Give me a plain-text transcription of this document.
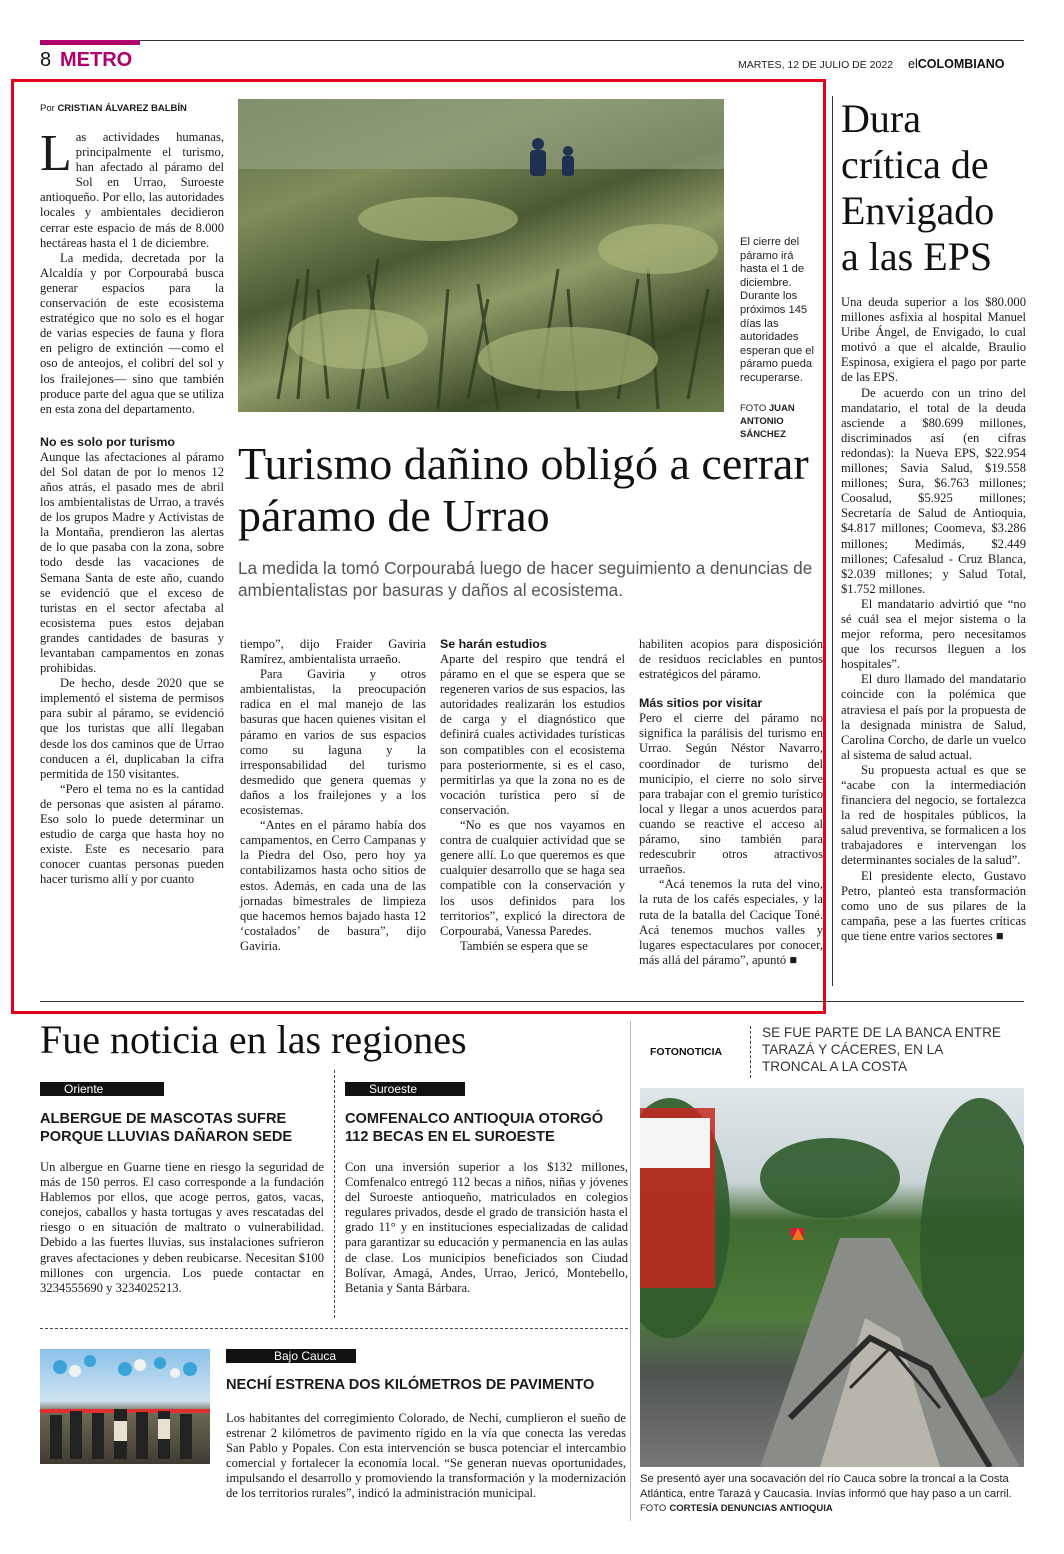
8 METRO	MARTES, 12 DE JULIO DE 2022 elCOLOMBIANO
Por CRISTIAN ÁLVAREZ BALBÍN

Las actividades humanas, principalmente el turismo, han afectado al páramo del Sol en Urrao, Suroeste antioqueño. Por ello, las autoridades locales y ambientales decidieron cerrar este espacio de más de 8.000 hectáreas hasta el 1 de diciembre.

La medida, decretada por la Alcaldía y por Corpourabá busca generar espacios para la conservación de este ecosistema estratégico que no solo es el hogar de varias especies de fauna y flora en peligro de extinción —como el oso de anteojos, el colibrí del sol y los frailejones— sino que también produce parte del agua que se utiliza en esta zona del departamento.

No es solo por turismo

Aunque las afectaciones al páramo del Sol datan de por lo menos 12 años atrás, el pasado mes de abril los ambientalistas de Urrao, a través de los grupos Madre y Activistas de la Montaña, prendieron las alertas de lo que pasaba con la zona, sobre todo desde las vacaciones de Semana Santa de este año, cuando se evidenció que el exceso de turistas en el sector afectaba al ecosistema pues estos dejaban grandes cantidades de basuras y levantaban campamentos en zonas prohibidas.

De hecho, desde 2020 que se implementó el sistema de permisos para subir al páramo, se evidenció que los turistas que allí llegaban desde los dos caminos que de Urrao conducen a él, duplicaban la cifra permitida de 150 visitantes.

“Pero el tema no es la cantidad de personas que asisten al páramo. Eso solo lo puede determinar un estudio de carga que hasta hoy no existe. Este es necesario para conocer cuantas personas pueden hacer turismo allí y por cuanto

El cierre del páramo irá hasta el 1 de diciembre. Durante los próximos 145 días las autoridades esperan que el páramo pueda recuperarse.
FOTO JUAN ANTONIO SÁNCHEZ
Turismo dañino obligó a cerrar páramo de Urrao
La medida la tomó Corpourabá luego de hacer seguimiento a denuncias de ambientalistas por basuras y daños al ecosistema.

tiempo”, dijo Fraider Gaviria Ramírez, ambientalista urraeño.

Para Gaviria y otros ambientalistas, la preocupación radica en el mal manejo de las basuras que hacen quienes visitan el páramo en varios de sus espacios como su laguna y la irresponsabilidad del turismo desmedido que genera quemas y daños a los frailejones y a los ecosistemas.

“Antes en el páramo había dos campamentos, en Cerro Campanas y la Piedra del Oso, pero hoy ya contabilizamos hasta ocho sitios de estos. Además, en cada una de las jornadas bimestrales de limpieza que hacemos hemos bajado hasta 12 ‘costalados’ de basura”, dijo Gaviria.

Se harán estudios

Aparte del respiro que tendrá el páramo en el que se espera que se regeneren varios de sus espacios, las autoridades realizarán los estudios de carga y el diagnóstico que definirá cuales actividades turísticas son compatibles con el ecosistema para posteriormente, si es el caso, permitirlas ya que la zona no es de vocación turística pero sí de conservación.

“No es que nos vayamos en contra de cualquier actividad que se genere allí. Lo que queremos es que cualquier desarrollo que se haga sea compatible con la conservación y los usos definidos para los territorios”, explicó la directora de Corpourabá, Vanessa Paredes.

También se espera que se

habiliten acopios para disposición de residuos reciclables en puntos estratégicos del páramo.

Más sitios por visitar

Pero el cierre del páramo no significa la parálisis del turismo en Urrao. Según Néstor Navarro, coordinador de turismo del municipio, el cierre no solo sirve para trabajar con el gremio turístico local y llegar a unos acuerdos para cuando se reactive el acceso al páramo, sino también para redescubrir otros atractivos urraeños.

“Acá tenemos la ruta del vino, la ruta de los cafés especiales, y la ruta de la batalla del Cacique Toné. Acá tenemos muchos valles y lugares espectaculares por conocer, más allá del páramo”, apuntó ■

Dura crítica de Envigado a las EPS

Una deuda superior a los $80.000 millones asfixia al hospital Manuel Uribe Ángel, de Envigado, lo cual motivó a que el alcalde, Braulio Espinosa, exigiera el pago por parte de las EPS.

De acuerdo con un trino del mandatario, el total de la deuda asciende a $80.699 millones, discriminados así (en cifras redondas): la Nueva EPS, $22.954 millones; Savia Salud, $19.558 millones; Sura, $6.763 millones; Coosalud, $5.925 millones; Secretaría de Salud de Antioquia, $4.817 millones; Coomeva, $3.286 millones; Medimás, $2.449 millones; Cafesalud - Cruz Blanca, $2.039 millones; y Salud Total, $1.752 millones.

El mandatario advirtió que “no sé cuál sea el mejor sistema o la mejor reforma, pero necesitamos que los recursos lleguen a los hospitales”.

El duro llamado del mandatario coincide con la polémica que atraviesa el país por la propuesta de la designada ministra de Salud, Carolina Corcho, de darle un vuelco al sistema de salud actual.

Su propuesta actual es que se “acabe con la intermediación financiera del negocio, se fortalezca la red de hospitales públicos, la salud preventiva, se formalicen a los trabajadores e intervengan los determinantes sociales de la salud”.

El presidente electo, Gustavo Petro, planteó esta transformación como uno de sus pilares de la campaña, pese a las fuertes críticas que tiene entre varios sectores ■

Fue noticia en las regiones
Oriente
ALBERGUE DE MASCOTAS SUFRE PORQUE LLUVIAS DAÑARON SEDE

Un albergue en Guarne tiene en riesgo la seguridad de más de 150 perros. El caso corresponde a la fundación Hablemos por ellos, que acoge perros, gatos, vacas, conejos, caballos y hasta tortugas y aves rescatadas del riesgo o en situación de maltrato o vulnerabilidad. Debido a las fuertes lluvias, sus instalaciones sufrieron graves afectaciones y deben reubicarse. Necesitan $100 millones con urgencia. Los puede contactar en 3234555690 y 3234025213.

Suroeste
COMFENALCO ANTIOQUIA OTORGÓ 112 BECAS EN EL SUROESTE

Con una inversión superior a los $132 millones, Comfenalco entregó 112 becas a niños, niñas y jóvenes del Suroeste antioqueño, matriculados en colegios regulares privados, desde el grado de transición hasta el grado 11° y en instituciones especializadas de calidad para garantizar su educación y permanencia en las aulas de clase. Los municipios beneficiados son Ciudad Bolívar, Amagá, Andes, Urrao, Jericó, Montebello, Betania y Santa Bárbara.

Bajo Cauca
NECHÍ ESTRENA DOS KILÓMETROS DE PAVIMENTO

Los habitantes del corregimiento Colorado, de Nechí, cumplieron el sueño de estrenar 2 kilómetros de pavimento rígido en la vía que conecta las veredas San Pablo y Popales. Con esta intervención se busca potenciar el intercambio comercial y fortalecer la economía local. “Se generan nuevas oportunidades, impulsando el desarrollo y promoviendo la transformación y la modernización de los territorios rurales”, indicó la administración municipal.

FOTONOTICIA
SE FUE PARTE DE LA BANCA ENTRE TARAZÁ Y CÁCERES, EN LA TRONCAL A LA COSTA
Se presentó ayer una socavación del río Cauca sobre la troncal a la Costa Atlántica, entre Tarazá y Caucasia. Invías informó que hay paso a un carril. FOTO CORTESÍA DENUNCIAS ANTIOQUIA
